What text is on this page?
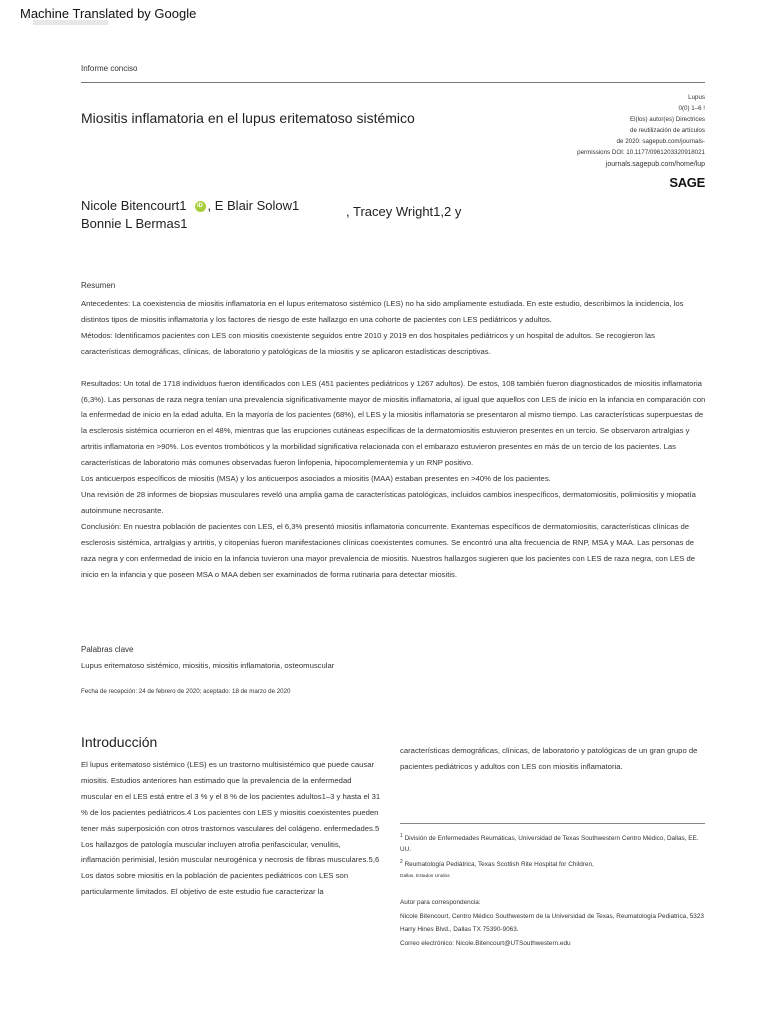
Machine Translated by Google
Informe conciso
Miositis inflamatoria en el lupus eritematoso sistémico
Lupus
0(0) 1–6 !
El(los) autor(es) Directrices
de reutilización de artículos
de 2020: sagepub.com/journals-
permissions DOI: 10.1177/0961203320918021
journals.sagepub.com/home/lup
SAGE
Nicole Bitencourt1 iD , E Blair Solow1	, Tracey Wright1,2 y
Bonnie L Bermas1
Resumen

Antecedentes: La coexistencia de miositis inflamatoria en el lupus eritematoso sistémico (LES) no ha sido ampliamente estudiada. En este estudio, describimos la incidencia, los distintos tipos de miositis inflamatoria y los factores de riesgo de este hallazgo en una cohorte de pacientes con LES pediátricos y adultos.

Métodos: Identificamos pacientes con LES con miositis coexistente seguidos entre 2010 y 2019 en dos hospitales pediátricos y un hospital de adultos. Se recogieron las características demográficas, clínicas, de laboratorio y patológicas de la miositis y se aplicaron estadísticas descriptivas.

Resultados: Un total de 1718 individuos fueron identificados con LES (451 pacientes pediátricos y 1267 adultos). De estos, 108 también fueron diagnosticados de miositis inflamatoria (6,3%). Las personas de raza negra tenían una prevalencia significativamente mayor de miositis inflamatoria, al igual que aquellos con LES de inicio en la infancia en comparación con la enfermedad de inicio en la edad adulta. En la mayoría de los pacientes (68%), el LES y la miositis inflamatoria se presentaron al mismo tiempo. Las características superpuestas de la esclerosis sistémica ocurrieron en el 48%, mientras que las erupciones cutáneas específicas de la dermatomiositis estuvieron presentes en un tercio. Se observaron artralgias y artritis inflamatoria en >90%. Los eventos trombóticos y la morbilidad significativa relacionada con el embarazo estuvieron presentes en más de un tercio de los pacientes. Las características de laboratorio más comunes observadas fueron linfopenia, hipocomplementemia y un RNP positivo.

Los anticuerpos específicos de miositis (MSA) y los anticuerpos asociados a miositis (MAA) estaban presentes en >40% de los pacientes.

Una revisión de 28 informes de biopsias musculares reveló una amplia gama de características patológicas, incluidos cambios inespecíficos, dermatomiositis, polimiositis y miopatía autoinmune necrosante.

Conclusión: En nuestra población de pacientes con LES, el 6,3% presentó miositis inflamatoria concurrente. Exantemas específicos de dermatomiositis, características clínicas de esclerosis sistémica, artralgias y artritis, y citopenias fueron manifestaciones clínicas coexistentes comunes. Se encontró una alta frecuencia de RNP, MSA y MAA. Las personas de raza negra y con enfermedad de inicio en la infancia tuvieron una mayor prevalencia de miositis. Nuestros hallazgos sugieren que los pacientes con LES de raza negra, con LES de inicio en la infancia y que poseen MSA o MAA deben ser examinados de forma rutinaria para detectar miositis.

Palabras clave
Lupus eritematoso sistémico, miositis, miositis inflamatoria, osteomuscular
Fecha de recepción: 24 de febrero de 2020; aceptado: 18 de marzo de 2020
Introducción
El lupus eritematoso sistémico (LES) es un trastorno multisistémico que puede causar miositis. Estudios anteriores han estimado que la prevalencia de la enfermedad muscular en el LES está entre el 3 % y el 8 % de los pacientes adultos1–3 y hasta el 31 % de los pacientes pediátricos.4 Los pacientes con LES y miositis coexistentes pueden tener más superposición con otros trastornos vasculares del colágeno. enfermedades.5 Los hallazgos de patología muscular incluyen atrofia perifascicular, venulitis, inflamación perimisial, lesión muscular neurogénica y necrosis de fibras musculares.5,6 Los datos sobre miositis en la población de pacientes pediátricos con LES son particularmente limitados. El objetivo de este estudio fue caracterizar la
características demográficas, clínicas, de laboratorio y patológicas de un gran grupo de pacientes pediátricos y adultos con LES con miositis inflamatoria.
$^1$ División de Enfermedades Reumáticas, Universidad de Texas Southwestern Centro Médico, Dallas, EE. UU.
$^2$ Reumatología Pediátrica, Texas Scottish Rite Hospital for Children,
Dallas, Estados Unidos
Autor para correspondencia:
Nicole Bitencourt, Centro Médico Southwestern de la Universidad de Texas, Reumatología Pediatrica, 5323 Harry Hines Blvd., Dallas TX 75390-9063.
Correo electrónico: Nicole.Bitencourt@UTSouthwestern.edu
